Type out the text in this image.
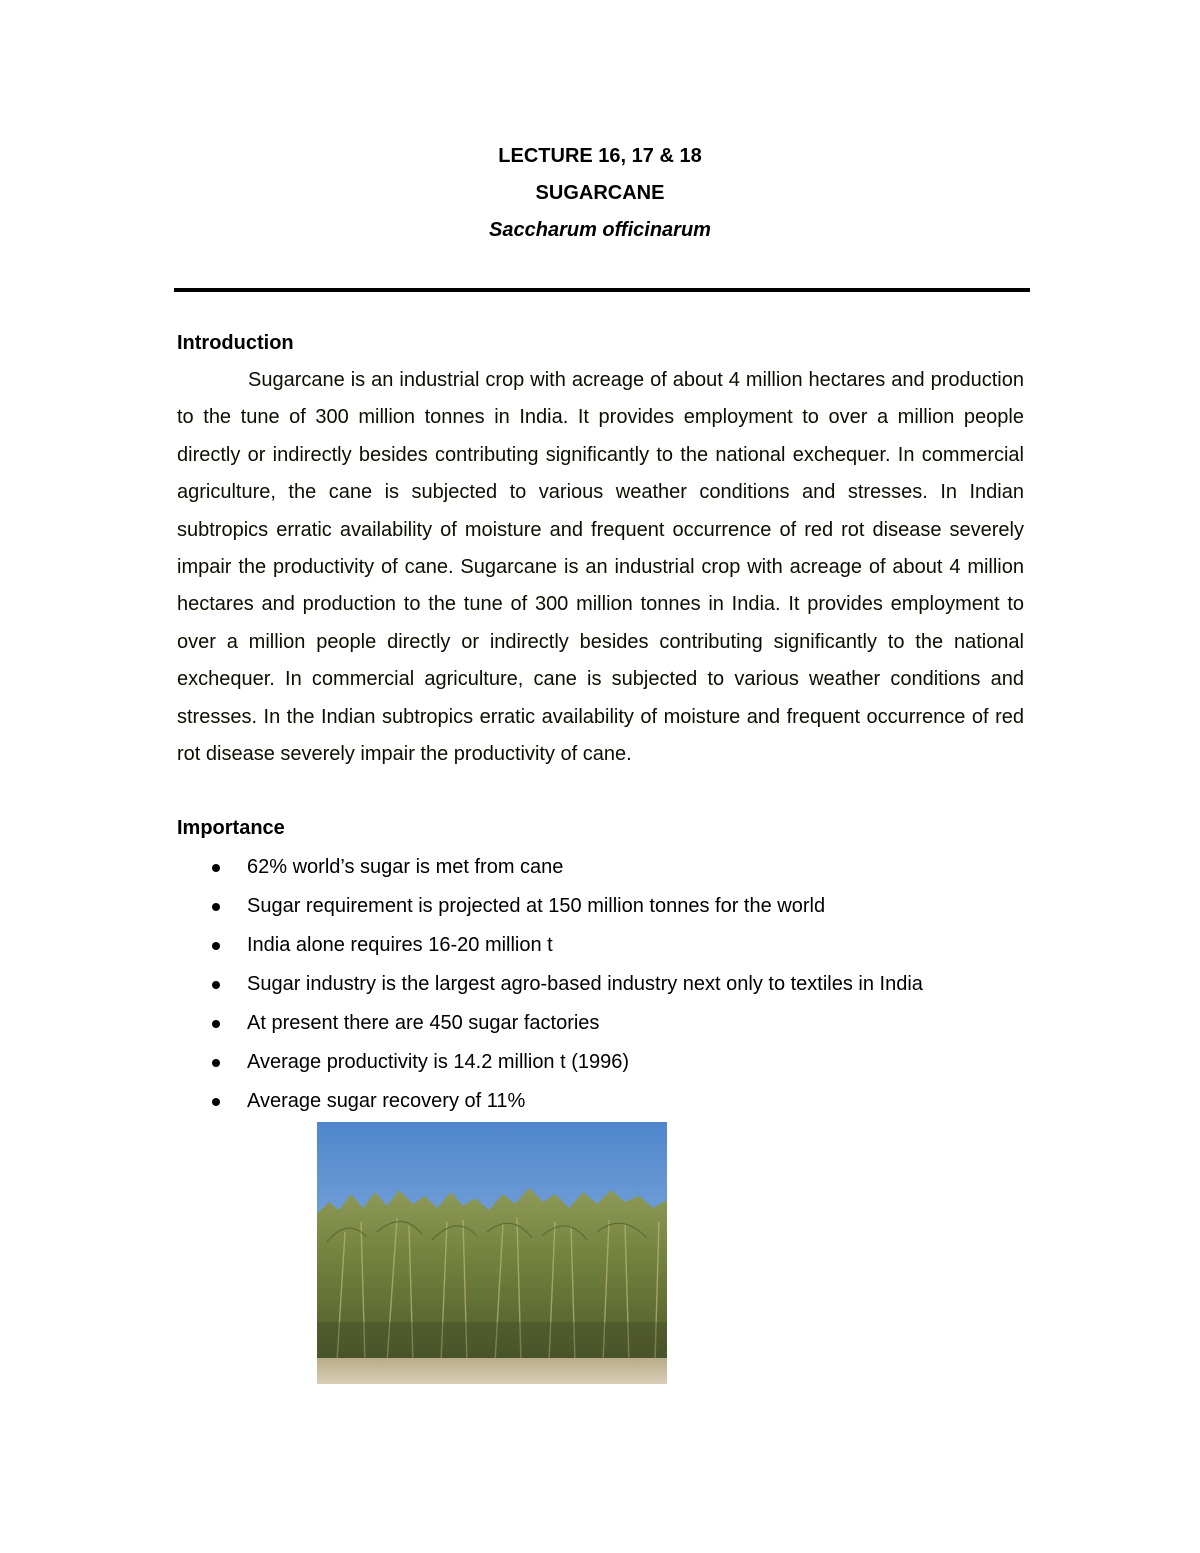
LECTURE 16, 17 & 18
SUGARCANE
Saccharum officinarum
Introduction
Sugarcane is an industrial crop with acreage of about 4 million hectares and production to the tune of 300 million tonnes in India. It provides employment to over a million people directly or indirectly besides contributing significantly to the national exchequer. In commercial agriculture, the cane is subjected to various weather conditions and stresses. In Indian subtropics erratic availability of moisture and frequent occurrence of red rot disease severely impair the productivity of cane. Sugarcane is an industrial crop with acreage of about 4 million hectares and production to the tune of 300 million tonnes in India. It provides employment to over a million people directly or indirectly besides contributing significantly to the national exchequer. In commercial agriculture, cane is subjected to various weather conditions and stresses. In the Indian subtropics erratic availability of moisture and frequent occurrence of red rot disease severely impair the productivity of cane.
Importance
62% world’s sugar is met from cane
Sugar requirement is projected at 150 million tonnes for the world
India alone requires 16-20 million t
Sugar industry is the largest agro-based industry next only to textiles in India
At present there are 450 sugar factories
Average productivity is 14.2 million t (1996)
Average sugar recovery of 11%
